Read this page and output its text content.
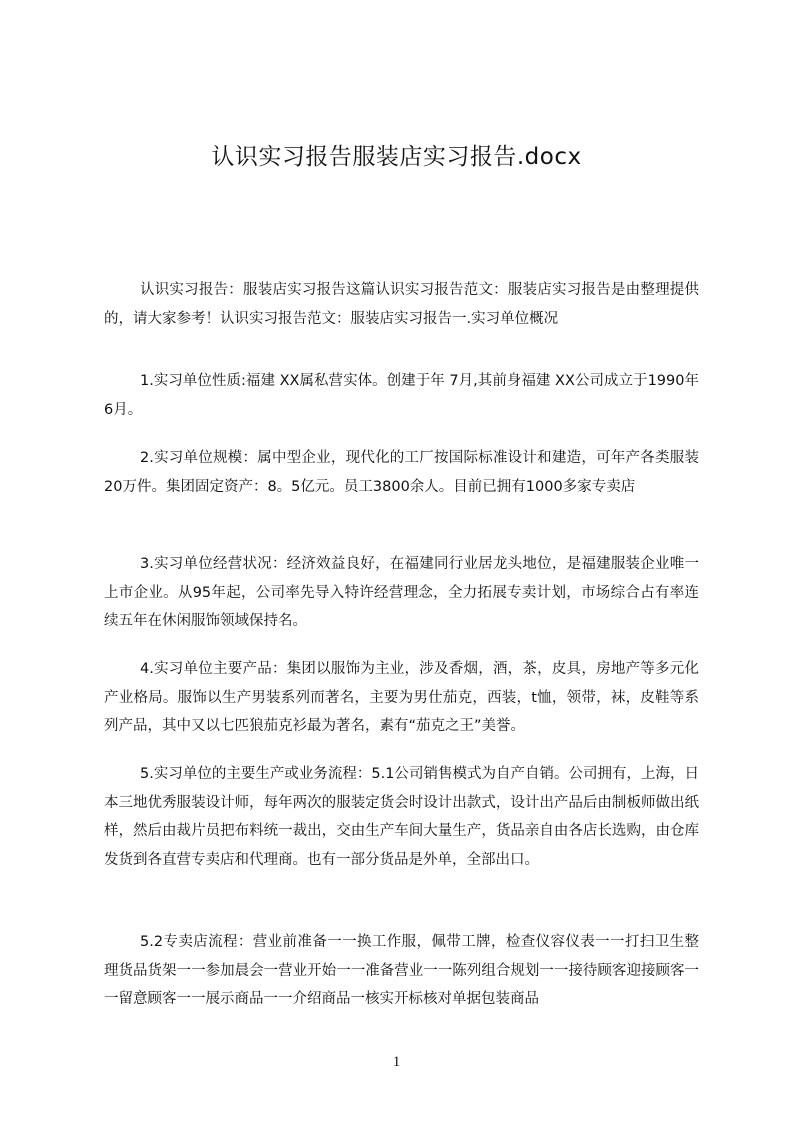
认识实习报告服装店实习报告.docx

认识实习报告：服装店实习报告这篇认识实习报告范文：服装店实习报告是由整理提供的，请大家参考！认识实习报告范文：服装店实习报告一.实习单位概况

1.实习单位性质:福建 XX属私营实体。创建于年 7月,其前身福建 XX公司成立于1990年6月。

2.实习单位规模：属中型企业，现代化的工厂按国际标准设计和建造，可年产各类服装20万件。集团固定资产：8。5亿元。员工3800余人。目前已拥有1000多家专卖店

3.实习单位经营状况：经济效益良好，在福建同行业居龙头地位，是福建服装企业唯一上市企业。从95年起，公司率先导入特许经营理念，全力拓展专卖计划，市场综合占有率连续五年在休闲服饰领域保持名。

4.实习单位主要产品：集团以服饰为主业，涉及香烟，酒，茶，皮具，房地产等多元化产业格局。服饰以生产男装系列而著名，主要为男仕茄克，西装，t恤，领带，袜，皮鞋等系列产品，其中又以七匹狼茄克衫最为著名，素有“茄克之王”美誉。

5.实习单位的主要生产或业务流程：5.1公司销售模式为自产自销。公司拥有，上海，日本三地优秀服装设计师，每年两次的服装定货会时设计出款式，设计出产品后由制板师做出纸样，然后由裁片员把布料统一裁出，交由生产车间大量生产，货品亲自由各店长选购，由仓库发货到各直营专卖店和代理商。也有一部分货品是外单，全部出口。

5.2专卖店流程：营业前准备一一换工作服，佩带工牌，检查仪容仪表一一打扫卫生整理货品货架一一参加晨会一营业开始一一准备营业一一陈列组合规划一一接待顾客迎接顾客一一留意顾客一一展示商品一一介绍商品一核实开标核对单据包装商品

1
